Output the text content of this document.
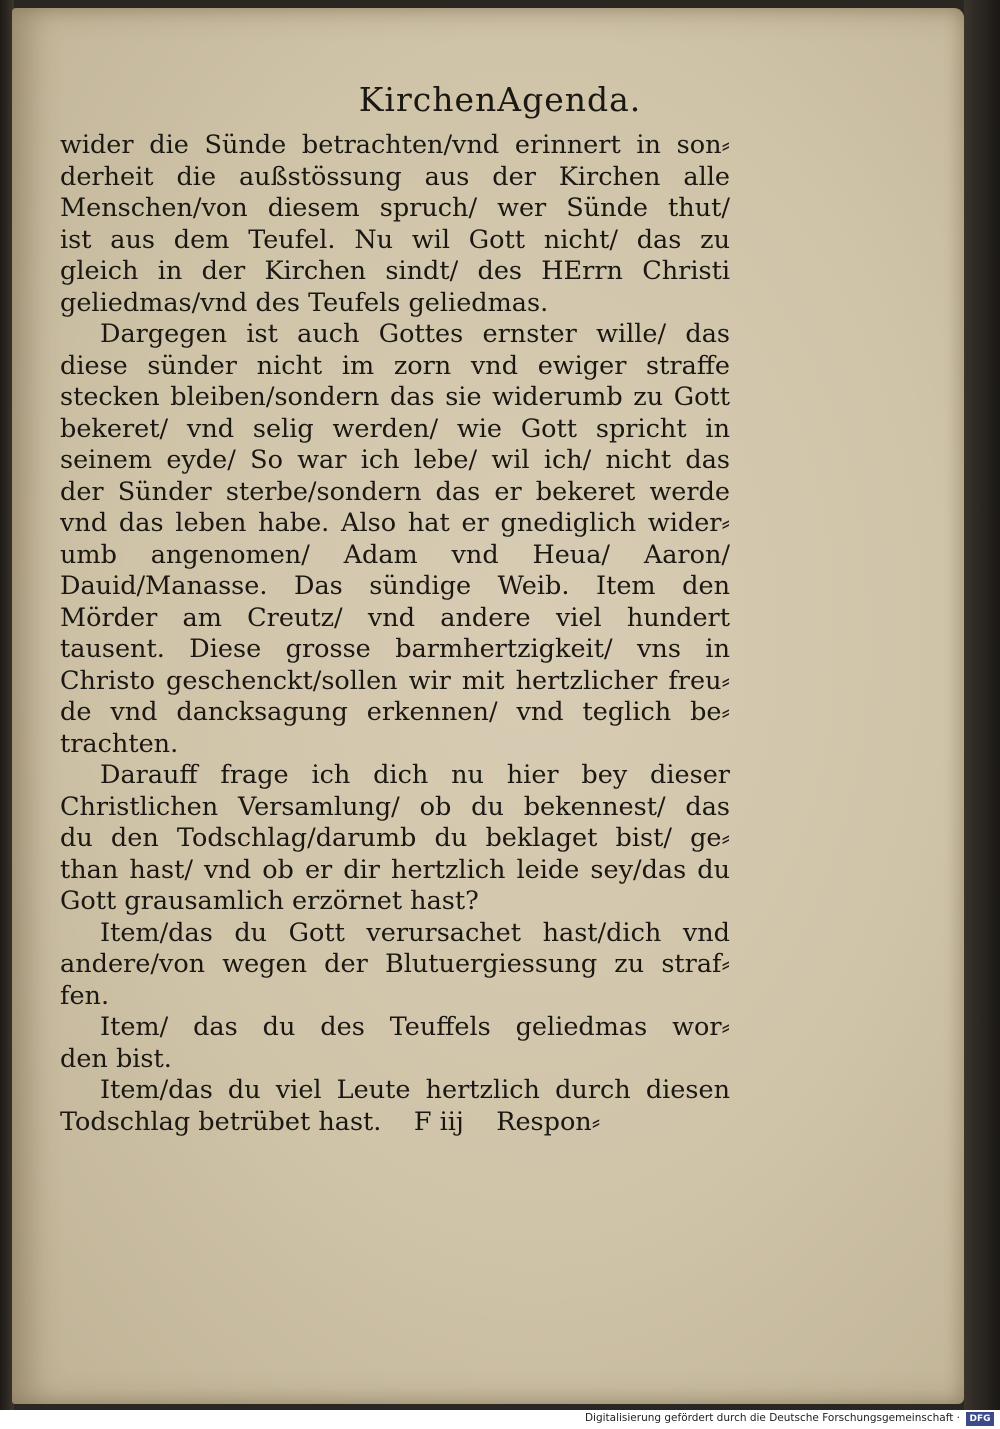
KirchenAgenda.
wider die Sünde betrachten/vnd erinnert in son⸗
derheit die außstössung aus der Kirchen alle
Menschen/von diesem spruch/ wer Sünde thut/
ist aus dem Teufel. Nu wil Gott nicht/ das zu
gleich in der Kirchen sindt/ des HErrn Christi
geliedmas/vnd des Teufels geliedmas.
Dargegen ist auch Gottes ernster wille/ das
diese sünder nicht im zorn vnd ewiger straffe
stecken bleiben/sondern das sie widerumb zu Gott
bekeret/ vnd selig werden/ wie Gott spricht in
seinem eyde/ So war ich lebe/ wil ich/ nicht das
der Sünder sterbe/sondern das er bekeret werde
vnd das leben habe. Also hat er gnediglich wider⸗
umb angenomen/ Adam vnd Heua/ Aaron/
Dauid/Manasse. Das sündige Weib. Item den
Mörder am Creutz/ vnd andere viel hundert
tausent. Diese grosse barmhertzigkeit/ vns in
Christo geschenckt/sollen wir mit hertzlicher freu⸗
de vnd dancksagung erkennen/ vnd teglich be⸗
trachten.
Darauff frage ich dich nu hier bey dieser
Christlichen Versamlung/ ob du bekennest/ das
du den Todschlag/darumb du beklaget bist/ ge⸗
than hast/ vnd ob er dir hertzlich leide sey/das du
Gott grausamlich erzörnet hast?
Item/das du Gott verursachet hast/dich vnd
andere/von wegen der Blutuergiessung zu straf⸗
fen.
Item/ das du des Teuffels geliedmas wor⸗
den bist.
Item/das du viel Leute hertzlich durch diesen
Todschlag betrübet hast.    F iij    Respon⸗
Digitalisierung gefördert durch die Deutsche Forschungsgemeinschaft ·	DFG
